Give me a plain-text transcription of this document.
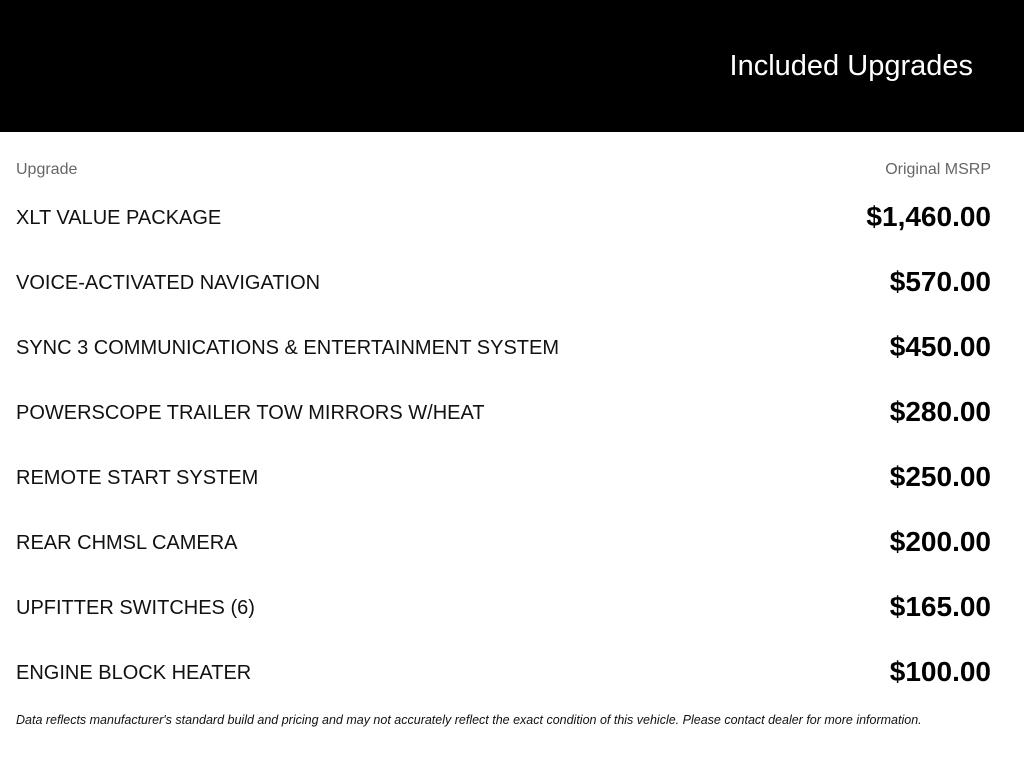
Included Upgrades
Upgrade	Original MSRP
XLT VALUE PACKAGE	$1,460.00
VOICE-ACTIVATED NAVIGATION	$570.00
SYNC 3 COMMUNICATIONS & ENTERTAINMENT SYSTEM	$450.00
POWERSCOPE TRAILER TOW MIRRORS W/HEAT	$280.00
REMOTE START SYSTEM	$250.00
REAR CHMSL CAMERA	$200.00
UPFITTER SWITCHES (6)	$165.00
ENGINE BLOCK HEATER	$100.00
Data reflects manufacturer's standard build and pricing and may not accurately reflect the exact condition of this vehicle. Please contact dealer for more information.
